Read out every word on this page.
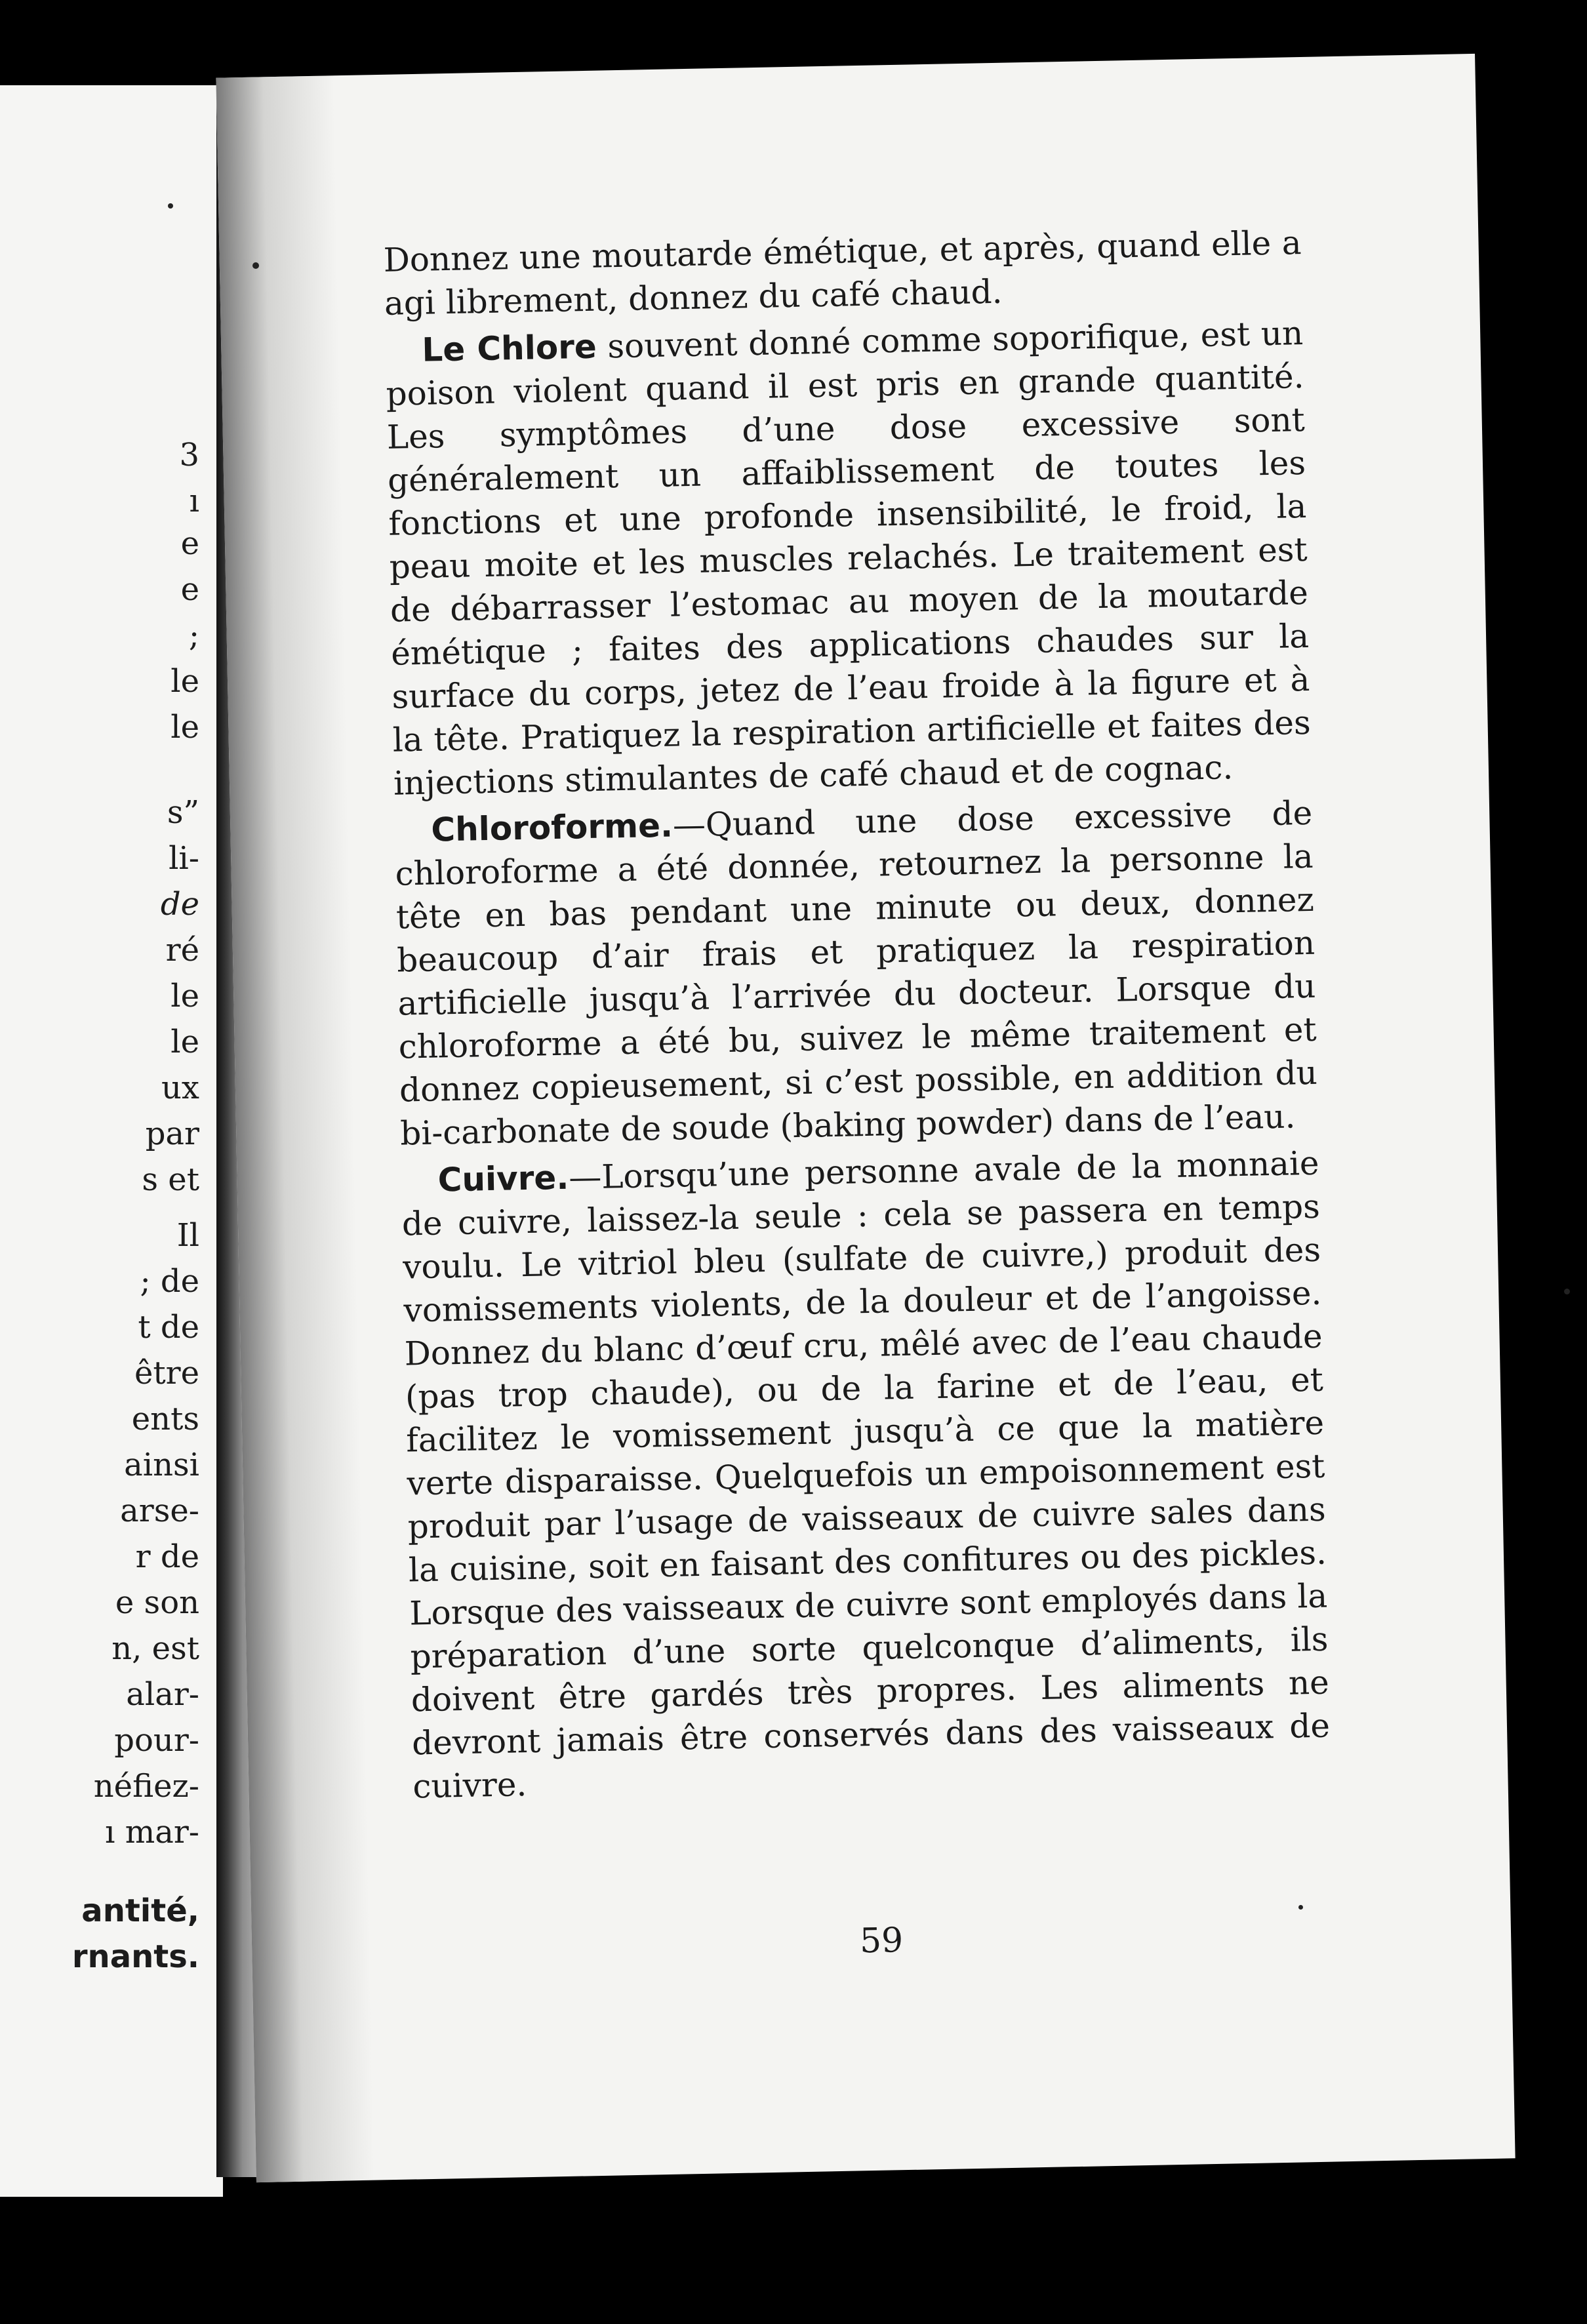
3
ı
e
e
;
le
le
s”
li-
de
ré
le
le
ux
par
s et
Il
; de
t de
être
ents
ainsi
arse-
r de
e son
n, est
alar-
pour-
néfiez-
ı mar-
antité,
rnants.

Donnez une moutarde émétique, et après, quand elle a agi librement, donnez du café chaud.

Le Chlore souvent donné comme soporifique, est un poison violent quand il est pris en grande quantité. Les symptômes d’une dose excessive sont généralement un affaiblissement de toutes les fonctions et une profonde insensibilité, le froid, la peau moite et les muscles relachés. Le traitement est de débarrasser l’estomac au moyen de la moutarde émétique ; faites des applications chaudes sur la surface du corps, jetez de l’eau froide à la figure et à la tête. Pratiquez la respiration artificielle et faites des injections stimulantes de café chaud et de cognac.

Chloroforme.—Quand une dose excessive de chloroforme a été donnée, retournez la personne la tête en bas pendant une minute ou deux, donnez beaucoup d’air frais et pratiquez la respiration artificielle jusqu’à l’arrivée du docteur. Lorsque du chloroforme a été bu, suivez le même traitement et donnez copieusement, si c’est possible, en addition du bi-carbonate de soude (baking powder) dans de l’eau.

Cuivre.—Lorsqu’une personne avale de la monnaie de cuivre, laissez-la seule : cela se passera en temps voulu. Le vitriol bleu (sulfate de cuivre,) produit des vomissements violents, de la douleur et de l’angoisse. Donnez du blanc d’œuf cru, mêlé avec de l’eau chaude (pas trop chaude), ou de la farine et de l’eau, et facilitez le vomissement jusqu’à ce que la matière verte disparaisse. Quelquefois un empoisonnement est produit par l’usage de vaisseaux de cuivre sales dans la cuisine, soit en faisant des confitures ou des pickles. Lorsque des vaisseaux de cuivre sont employés dans la préparation d’une sorte quelconque d’aliments, ils doivent être gardés très propres. Les aliments ne devront jamais être conservés dans des vaisseaux de cuivre.

59
